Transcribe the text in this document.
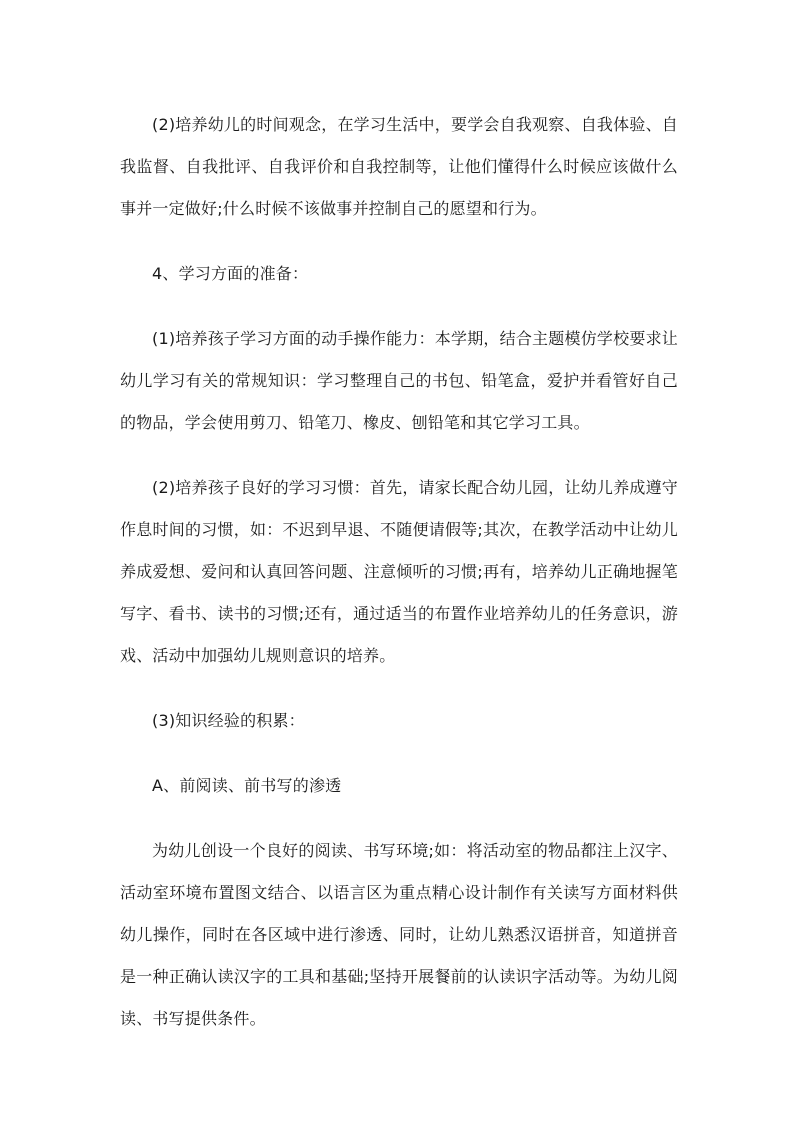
(2)培养幼儿的时间观念，在学习生活中，要学会自我观察、自我体验、自我监督、自我批评、自我评价和自我控制等，让他们懂得什么时候应该做什么事并一定做好;什么时候不该做事并控制自己的愿望和行为。

4、学习方面的准备：

(1)培养孩子学习方面的动手操作能力：本学期，结合主题模仿学校要求让幼儿学习有关的常规知识：学习整理自己的书包、铅笔盒，爱护并看管好自己的物品，学会使用剪刀、铅笔刀、橡皮、刨铅笔和其它学习工具。

(2)培养孩子良好的学习习惯：首先，请家长配合幼儿园，让幼儿养成遵守作息时间的习惯，如：不迟到早退、不随便请假等;其次，在教学活动中让幼儿养成爱想、爱问和认真回答问题、注意倾听的习惯;再有，培养幼儿正确地握笔写字、看书、读书的习惯;还有，通过适当的布置作业培养幼儿的任务意识，游戏、活动中加强幼儿规则意识的培养。

(3)知识经验的积累：

A、前阅读、前书写的渗透

为幼儿创设一个良好的阅读、书写环境;如：将活动室的物品都注上汉字、活动室环境布置图文结合、以语言区为重点精心设计制作有关读写方面材料供幼儿操作，同时在各区域中进行渗透、同时，让幼儿熟悉汉语拼音，知道拼音是一种正确认读汉字的工具和基础;坚持开展餐前的认读识字活动等。为幼儿阅读、书写提供条件。
